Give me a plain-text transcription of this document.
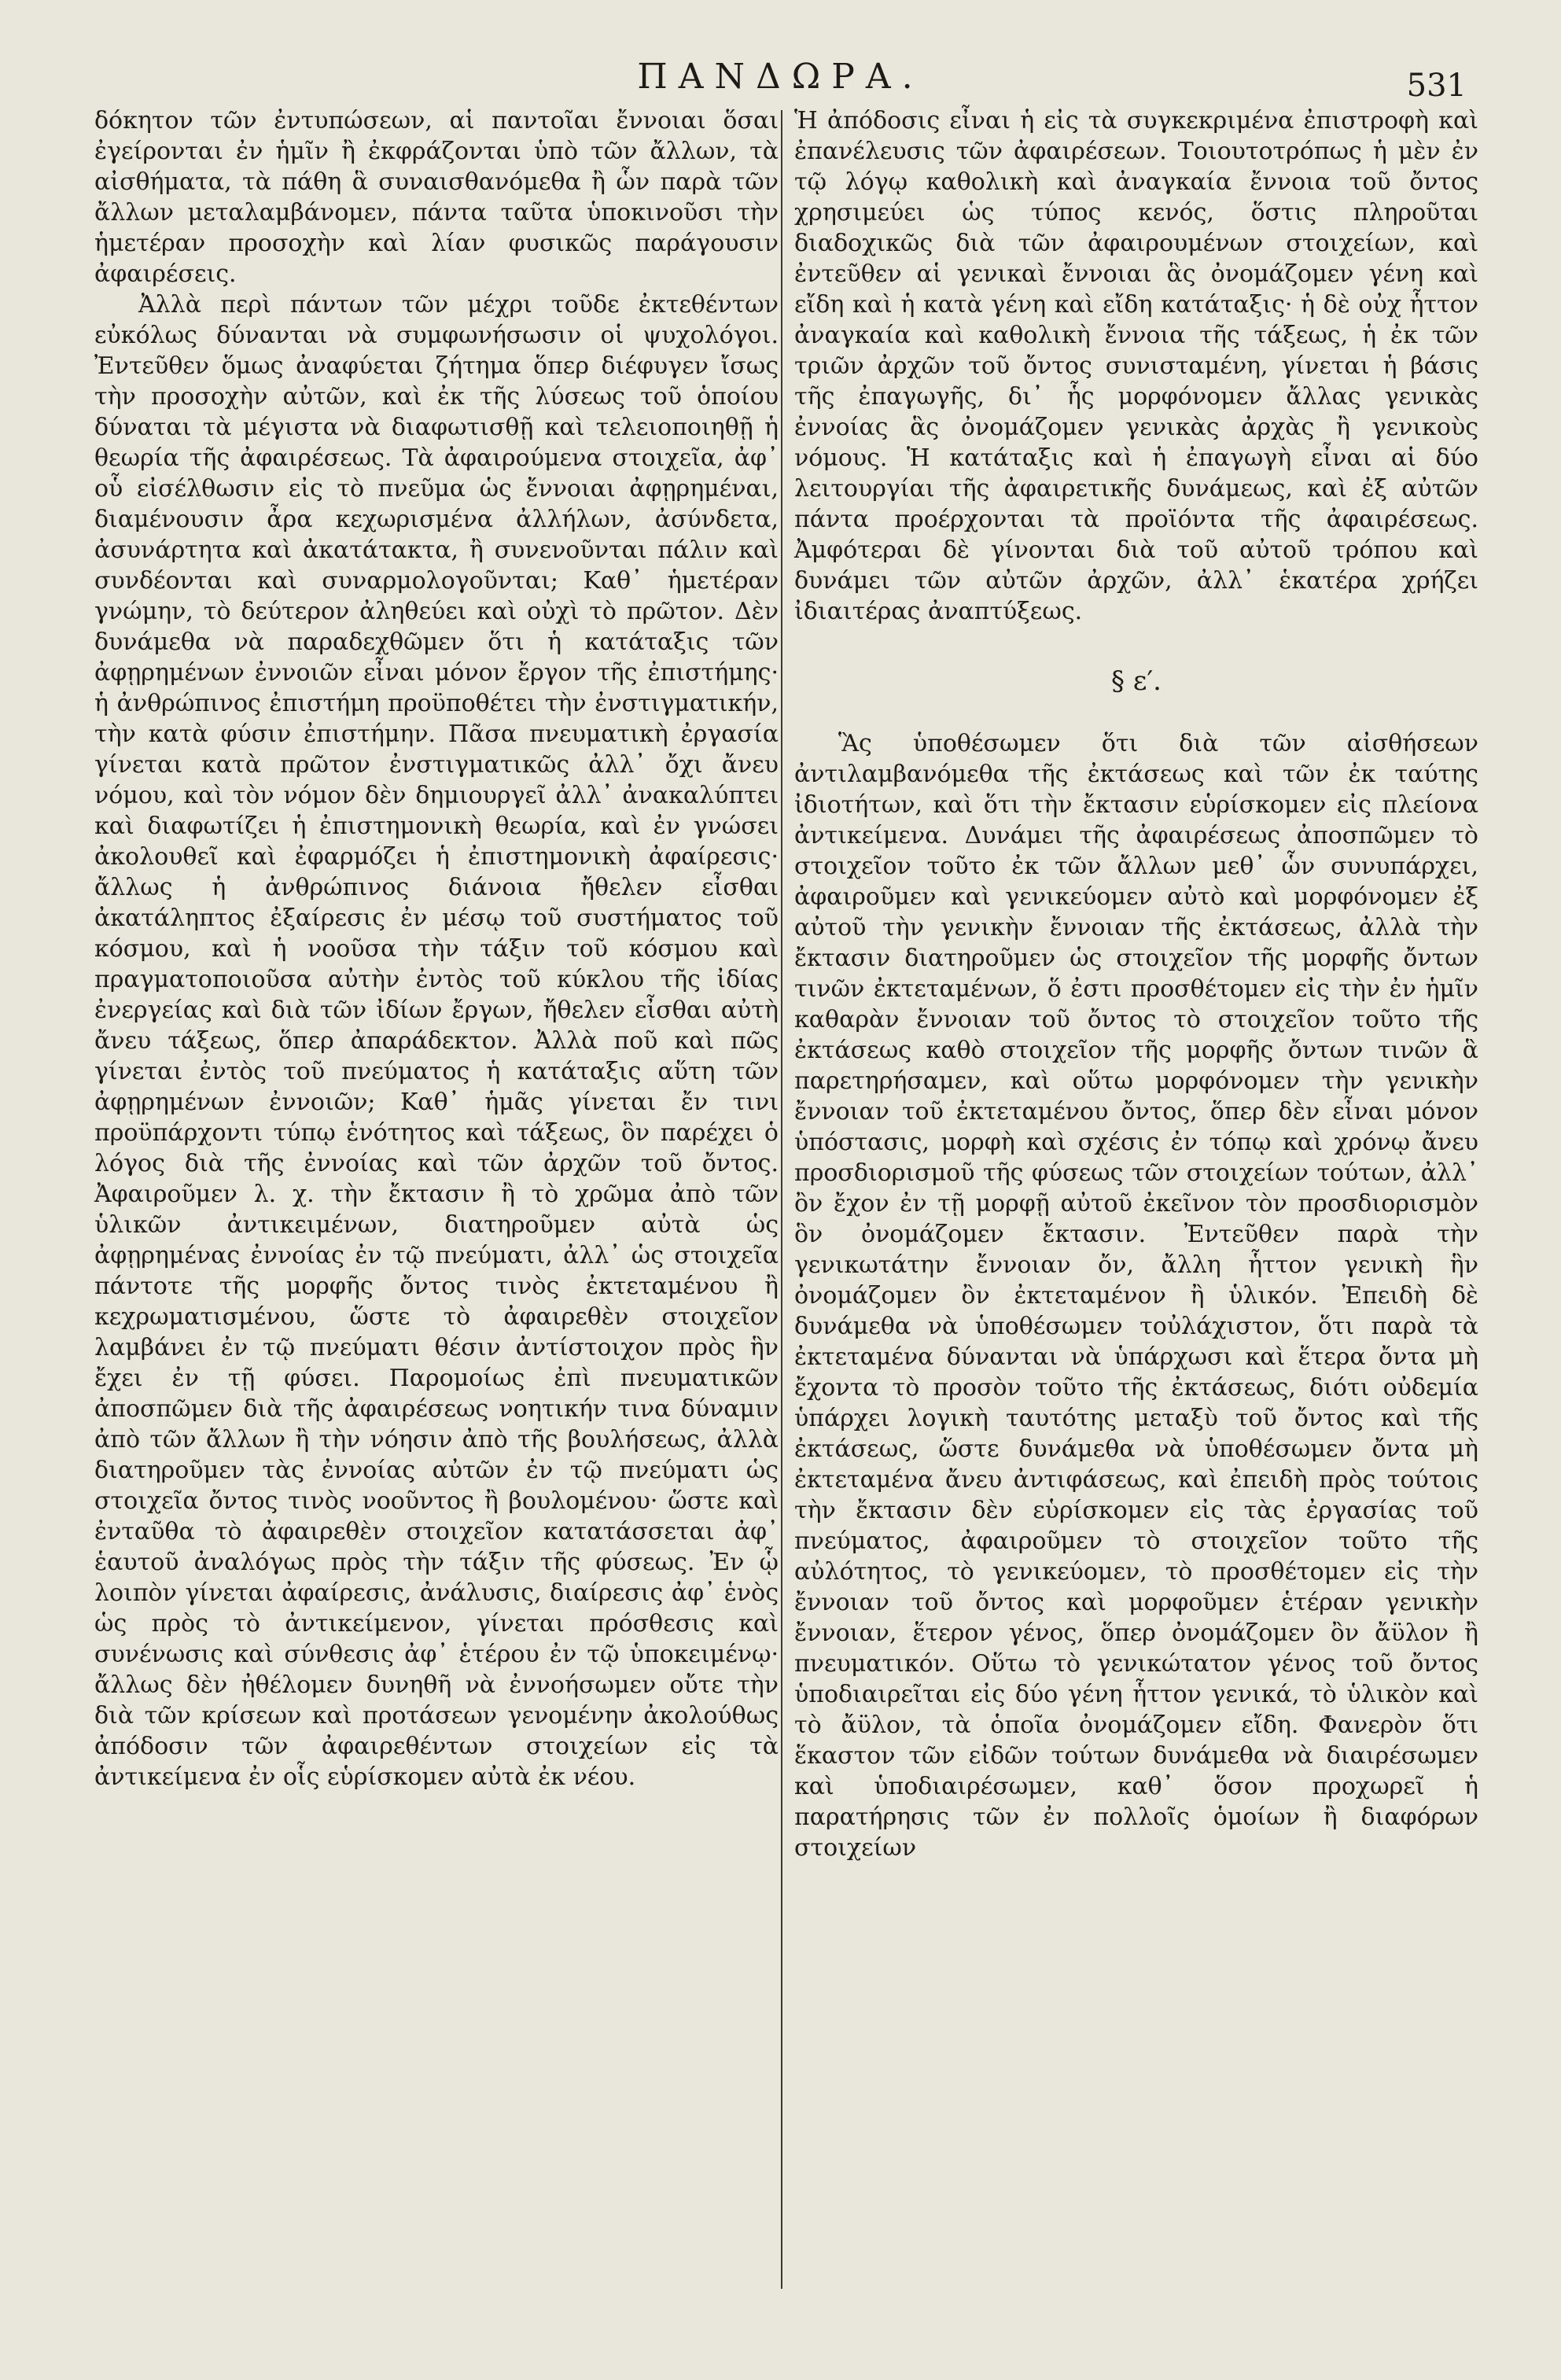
ΠΑΝΔΩΡΑ.	531

δόκητον τῶν ἐντυπώσεων, αἱ παντοῖαι ἔννοιαι ὅσαι ἐγείρονται ἐν ἡμῖν ἢ ἐκφράζονται ὑπὸ τῶν ἄλλων, τὰ αἰσθήματα, τὰ πάθη ἃ συναισθανόμεθα ἢ ὧν παρὰ τῶν ἄλλων μεταλαμβάνομεν, πάντα ταῦτα ὑποκινοῦσι τὴν ἡμετέραν προσοχὴν καὶ λίαν φυσικῶς παράγουσιν ἀφαιρέσεις.

Ἀλλὰ περὶ πάντων τῶν μέχρι τοῦδε ἐκτεθέντων εὐκόλως δύνανται νὰ συμφωνήσωσιν οἱ ψυχολόγοι. Ἐντεῦθεν ὅμως ἀναφύεται ζήτημα ὅπερ διέφυγεν ἴσως τὴν προσοχὴν αὐτῶν, καὶ ἐκ τῆς λύσεως τοῦ ὁποίου δύναται τὰ μέγιστα νὰ διαφωτισθῇ καὶ τελειοποιηθῇ ἡ θεωρία τῆς ἀφαιρέσεως. Τὰ ἀφαιρούμενα στοιχεῖα, ἀφ᾽ οὗ εἰσέλθωσιν εἰς τὸ πνεῦμα ὡς ἔννοιαι ἀφῃρημέναι, διαμένουσιν ἆρα κεχωρισμένα ἀλλήλων, ἀσύνδετα, ἀσυνάρτητα καὶ ἀκατάτακτα, ἢ συνενοῦνται πάλιν καὶ συνδέονται καὶ συναρμολογοῦνται; Καθ᾽ ἡμετέραν γνώμην, τὸ δεύτερον ἀληθεύει καὶ οὐχὶ τὸ πρῶτον. Δὲν δυνάμεθα νὰ παραδεχθῶμεν ὅτι ἡ κατάταξις τῶν ἀφῃρημένων ἐννοιῶν εἶναι μόνον ἔργον τῆς ἐπιστήμης· ἡ ἀνθρώπινος ἐπιστήμη προϋποθέτει τὴν ἐνστιγματικήν, τὴν κατὰ φύσιν ἐπιστήμην. Πᾶσα πνευματικὴ ἐργασία γίνεται κατὰ πρῶτον ἐνστιγματικῶς ἀλλ᾽ ὄχι ἄνευ νόμου, καὶ τὸν νόμον δὲν δημιουργεῖ ἀλλ᾽ ἀνακαλύπτει καὶ διαφωτίζει ἡ ἐπιστημονικὴ θεωρία, καὶ ἐν γνώσει ἀκολουθεῖ καὶ ἐφαρμόζει ἡ ἐπιστημονικὴ ἀφαίρεσις· ἄλλως ἡ ἀνθρώπινος διάνοια ἤθελεν εἶσθαι ἀκατάληπτος ἐξαίρεσις ἐν μέσῳ τοῦ συστήματος τοῦ κόσμου, καὶ ἡ νοοῦσα τὴν τάξιν τοῦ κόσμου καὶ πραγματοποιοῦσα αὐτὴν ἐντὸς τοῦ κύκλου τῆς ἰδίας ἐνεργείας καὶ διὰ τῶν ἰδίων ἔργων, ἤθελεν εἶσθαι αὐτὴ ἄνευ τάξεως, ὅπερ ἀπαράδεκτον. Ἀλλὰ ποῦ καὶ πῶς γίνεται ἐντὸς τοῦ πνεύματος ἡ κατάταξις αὕτη τῶν ἀφῃρημένων ἐννοιῶν; Καθ᾽ ἡμᾶς γίνεται ἔν τινι προϋπάρχοντι τύπῳ ἑνότητος καὶ τάξεως, ὃν παρέχει ὁ λόγος διὰ τῆς ἐννοίας καὶ τῶν ἀρχῶν τοῦ ὄντος. Ἀφαιροῦμεν λ. χ. τὴν ἔκτασιν ἢ τὸ χρῶμα ἀπὸ τῶν ὑλικῶν ἀντικειμένων, διατηροῦμεν αὐτὰ ὡς ἀφῃρημένας ἐννοίας ἐν τῷ πνεύματι, ἀλλ᾽ ὡς στοιχεῖα πάντοτε τῆς μορφῆς ὄντος τινὸς ἐκτεταμένου ἢ κεχρωματισμένου, ὥστε τὸ ἀφαιρεθὲν στοιχεῖον λαμβάνει ἐν τῷ πνεύματι θέσιν ἀντίστοιχον πρὸς ἣν ἔχει ἐν τῇ φύσει. Παρομοίως ἐπὶ πνευματικῶν ἀποσπῶμεν διὰ τῆς ἀφαιρέσεως νοητικήν τινα δύναμιν ἀπὸ τῶν ἄλλων ἢ τὴν νόησιν ἀπὸ τῆς βουλήσεως, ἀλλὰ διατηροῦμεν τὰς ἐννοίας αὐτῶν ἐν τῷ πνεύματι ὡς στοιχεῖα ὄντος τινὸς νοοῦντος ἢ βουλομένου· ὥστε καὶ ἐνταῦθα τὸ ἀφαιρεθὲν στοιχεῖον κατατάσσεται ἀφ᾽ ἑαυτοῦ ἀναλόγως πρὸς τὴν τάξιν τῆς φύσεως. Ἐν ᾧ λοιπὸν γίνεται ἀφαίρεσις, ἀνάλυσις, διαίρεσις ἀφ᾽ ἑνὸς ὡς πρὸς τὸ ἀντικείμενον, γίνεται πρόσθεσις καὶ συνένωσις καὶ σύνθεσις ἀφ᾽ ἑτέρου ἐν τῷ ὑποκειμένῳ· ἄλλως δὲν ἠθέλομεν δυνηθῆ νὰ ἐννοήσωμεν οὔτε τὴν διὰ τῶν κρίσεων καὶ προτάσεων γενομένην ἀκολούθως ἀπόδοσιν τῶν ἀφαιρεθέντων στοιχείων εἰς τὰ ἀντικείμενα ἐν οἷς εὑρίσκομεν αὐτὰ ἐκ νέου.

Ἡ ἀπόδοσις εἶναι ἡ εἰς τὰ συγκεκριμένα ἐπιστροφὴ καὶ ἐπανέλευσις τῶν ἀφαιρέσεων. Τοιουτοτρόπως ἡ μὲν ἐν τῷ λόγῳ καθολικὴ καὶ ἀναγκαία ἔννοια τοῦ ὄντος χρησιμεύει ὡς τύπος κενός, ὅστις πληροῦται διαδοχικῶς διὰ τῶν ἀφαιρουμένων στοιχείων, καὶ ἐντεῦθεν αἱ γενικαὶ ἔννοιαι ἃς ὀνομάζομεν γένη καὶ εἴδη καὶ ἡ κατὰ γένη καὶ εἴδη κατάταξις· ἡ δὲ οὐχ ἧττον ἀναγκαία καὶ καθολικὴ ἔννοια τῆς τάξεως, ἡ ἐκ τῶν τριῶν ἀρχῶν τοῦ ὄντος συνισταμένη, γίνεται ἡ βάσις τῆς ἐπαγωγῆς, δι᾽ ἧς μορφόνομεν ἄλλας γενικὰς ἐννοίας ἃς ὀνομάζομεν γενικὰς ἀρχὰς ἢ γενικοὺς νόμους. Ἡ κατάταξις καὶ ἡ ἐπαγωγὴ εἶναι αἱ δύο λειτουργίαι τῆς ἀφαιρετικῆς δυνάμεως, καὶ ἐξ αὐτῶν πάντα προέρχονται τὰ προϊόντα τῆς ἀφαιρέσεως. Ἀμφότεραι δὲ γίνονται διὰ τοῦ αὐτοῦ τρόπου καὶ δυνάμει τῶν αὐτῶν ἀρχῶν, ἀλλ᾽ ἑκατέρα χρήζει ἰδιαιτέρας ἀναπτύξεως.

§ ε′.

Ἃς ὑποθέσωμεν ὅτι διὰ τῶν αἰσθήσεων ἀντιλαμβανόμεθα τῆς ἐκτάσεως καὶ τῶν ἐκ ταύτης ἰδιοτήτων, καὶ ὅτι τὴν ἔκτασιν εὑρίσκομεν εἰς πλείονα ἀντικείμενα. Δυνάμει τῆς ἀφαιρέσεως ἀποσπῶμεν τὸ στοιχεῖον τοῦτο ἐκ τῶν ἄλλων μεθ᾽ ὧν συνυπάρχει, ἀφαιροῦμεν καὶ γενικεύομεν αὐτὸ καὶ μορφόνομεν ἐξ αὐτοῦ τὴν γενικὴν ἔννοιαν τῆς ἐκτάσεως, ἀλλὰ τὴν ἔκτασιν διατηροῦμεν ὡς στοιχεῖον τῆς μορφῆς ὄντων τινῶν ἐκτεταμένων, ὅ ἐστι προσθέτομεν εἰς τὴν ἐν ἡμῖν καθαρὰν ἔννοιαν τοῦ ὄντος τὸ στοιχεῖον τοῦτο τῆς ἐκτάσεως καθὸ στοιχεῖον τῆς μορφῆς ὄντων τινῶν ἃ παρετηρήσαμεν, καὶ οὕτω μορφόνομεν τὴν γενικὴν ἔννοιαν τοῦ ἐκτεταμένου ὄντος, ὅπερ δὲν εἶναι μόνον ὑπόστασις, μορφὴ καὶ σχέσις ἐν τόπῳ καὶ χρόνῳ ἄνευ προσδιορισμοῦ τῆς φύσεως τῶν στοιχείων τούτων, ἀλλ᾽ ὂν ἔχον ἐν τῇ μορφῇ αὐτοῦ ἐκεῖνον τὸν προσδιορισμὸν ὃν ὀνομάζομεν ἔκτασιν. Ἐντεῦθεν παρὰ τὴν γενικωτάτην ἔννοιαν ὄν, ἄλλη ἧττον γενικὴ ἣν ὀνομάζομεν ὂν ἐκτεταμένον ἢ ὑλικόν. Ἐπειδὴ δὲ δυνάμεθα νὰ ὑποθέσωμεν τοὐλάχιστον, ὅτι παρὰ τὰ ἐκτεταμένα δύνανται νὰ ὑπάρχωσι καὶ ἕτερα ὄντα μὴ ἔχοντα τὸ προσὸν τοῦτο τῆς ἐκτάσεως, διότι οὐδεμία ὑπάρχει λογικὴ ταυτότης μεταξὺ τοῦ ὄντος καὶ τῆς ἐκτάσεως, ὥστε δυνάμεθα νὰ ὑποθέσωμεν ὄντα μὴ ἐκτεταμένα ἄνευ ἀντιφάσεως, καὶ ἐπειδὴ πρὸς τούτοις τὴν ἔκτασιν δὲν εὑρίσκομεν εἰς τὰς ἐργασίας τοῦ πνεύματος, ἀφαιροῦμεν τὸ στοιχεῖον τοῦτο τῆς αὐλότητος, τὸ γενικεύομεν, τὸ προσθέτομεν εἰς τὴν ἔννοιαν τοῦ ὄντος καὶ μορφοῦμεν ἑτέραν γενικὴν ἔννοιαν, ἕτερον γένος, ὅπερ ὀνομάζομεν ὂν ἄϋλον ἢ πνευματικόν. Οὕτω τὸ γενικώτατον γένος τοῦ ὄντος ὑποδιαιρεῖται εἰς δύο γένη ἧττον γενικά, τὸ ὑλικὸν καὶ τὸ ἄϋλον, τὰ ὁποῖα ὀνομάζομεν εἴδη. Φανερὸν ὅτι ἕκαστον τῶν εἰδῶν τούτων δυνάμεθα νὰ διαιρέσωμεν καὶ ὑποδιαιρέσωμεν, καθ᾽ ὅσον προχωρεῖ ἡ παρατήρησις τῶν ἐν πολλοῖς ὁμοίων ἢ διαφόρων στοιχείων
